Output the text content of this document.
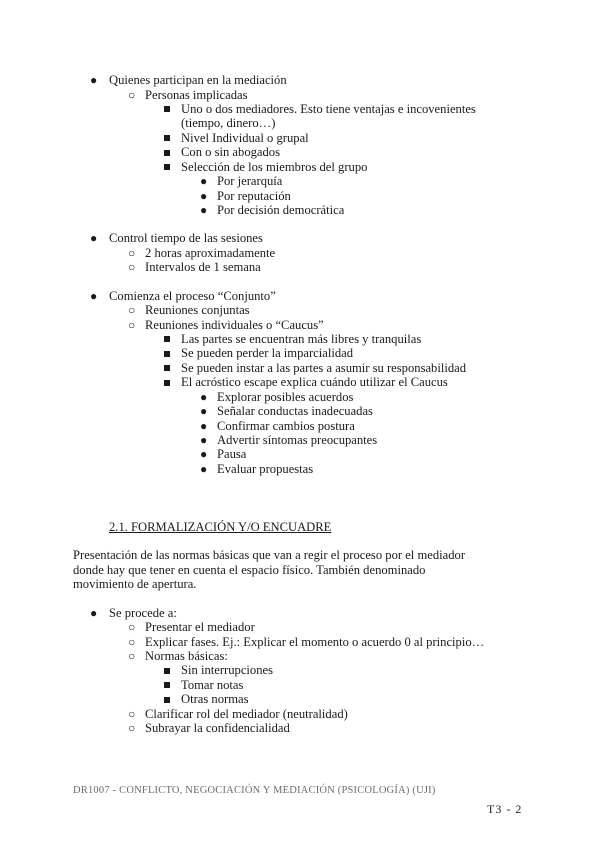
● Quienes participan en la mediación
○ Personas implicadas
Uno o dos mediadores. Esto tiene ventajas e incovenientes
(tiempo, dinero…)
Nivel Individual o grupal
Con o sin abogados
Selección de los miembros del grupo
● Por jerarquía
● Por reputación
● Por decisión democrática
● Control tiempo de las sesiones
○ 2 horas aproximadamente
○ Intervalos de 1 semana
● Comienza el proceso “Conjunto”
○ Reuniones conjuntas
○ Reuniones individuales o “Caucus”
Las partes se encuentran más libres y tranquilas
Se pueden perder la imparcialidad
Se pueden instar a las partes a asumir su responsabilidad
El acróstico escape explica cuándo utilizar el Caucus
● Explorar posibles acuerdos
● Señalar conductas inadecuadas
● Confirmar cambios postura
● Advertir síntomas preocupantes
● Pausa
● Evaluar propuestas
2.1. FORMALIZACIÓN Y/O ENCUADRE
Presentación de las normas básicas que van a regir el proceso por el mediador
donde hay que tener en cuenta el espacio físico. También denominado
movimiento de apertura.
● Se procede a:
○ Presentar el mediador
○ Explicar fases. Ej.: Explicar el momento o acuerdo 0 al principio…
○ Normas básicas:
Sin interrupciones
Tomar notas
Otras normas
○ Clarificar rol del mediador (neutralidad)
○ Subrayar la confidencialidad
DR1007 - CONFLICTO, NEGOCIACIÓN Y MEDIACIÓN (PSICOLOGÍA) (UJI)
T3 - 2
